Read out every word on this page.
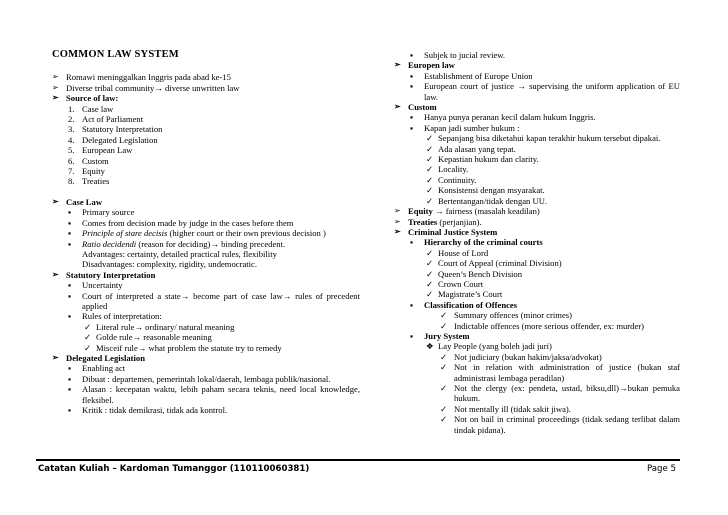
COMMON LAW SYSTEM
➢ Romawi meninggalkan Inggris pada abad ke-15
➢ Diverse tribal community→ diverse unwritten law
➢ Source of law:
1. Case law
2. Act of Parliament
3. Statutory Interpretation
4. Delegated Legislation
5. European Law
6. Custom
7. Equity
8. Treaties
➢ Case Law
▪	Primary source
▪	Comes from decision made by judge in the cases before them
▪	Principle of stare decisis (higher court or their own previous decision )
▪	Ratio decidendi (reason for deciding)→ binding precedent.
Advantages: certainty, detailed practical rules, flexibility
Disadvantages: complexity, rigidity, undemocratic.
➢ Statutory Interpretation
▪	Uncertainty
▪	Court of interpreted a state→ become part of case law→ rules of precedent applied
▪	Rules of interpretation:
✓ Literal rule→ ordinary/ natural meaning
✓ Golde rule→ reasonable meaning
✓ Misceif rule→ what problem the statute try to remedy
➢ Delegated Legislation
▪	Enabling act
▪	Dibuat : departemen, pemerintah lokal/daerah, lembaga publik/nasional.
▪	Alasan : kecepatan waktu, lebih paham secara teknis, need local knowledge, fleksibel.
▪	Kritik : tidak demikrasi, tidak ada kontrol.
▪	Subjek to jucial review.
➢ Europen law
▪	Establishment of Europe Union
▪	European court of justice → supervising the uniform application of EU law.
➢ Custom
▪	Hanya punya peranan kecil dalam hukum Inggris.
▪	Kapan jadi sumber hukum :
✓ Sepanjang bisa diketahui kapan terakhir hukum tersebut dipakai.
✓ Ada alasan yang tepat.
✓ Kepastian hukum dan clarity.
✓ Locality.
✓ Continuity.
✓ Konsistensi dengan msyarakat.
✓ Bertentangan/tidak dengan UU.
➢ Equity → fairness (masalah keadilan)
➢ Treaties (perjanjian).
➢ Criminal Justice System
▪	Hierarchy of the criminal courts
✓ House of Lord
✓ Court of Appeal (criminal Division)
✓ Queen’s Bench Division
✓ Crown Court
✓ Magistrate’s Court
▪	Classification of Offences
✓ Summary offences (minor crimes)
✓ Indictable offences (more serious offender, ex: murder)
▪	Jury System
❖ Lay People (yang boleh jadi juri)
✓ Not judiciary (bukan hakim/jaksa/advokat)
✓ Not in relation with administration of justice (bukan staf administrasi lembaga peradilan)
✓ Not the clergy (ex: pendeta, ustad, biksu,dll)→bukan pemuka hukum.
✓ Not mentally ill (tidak sakit jiwa).
✓ Not on bail in criminal proceedings (tidak sedang terlibat dalam tindak pidana).
Catatan Kuliah – Kardoman Tumanggor (110110060381)	Page 5
